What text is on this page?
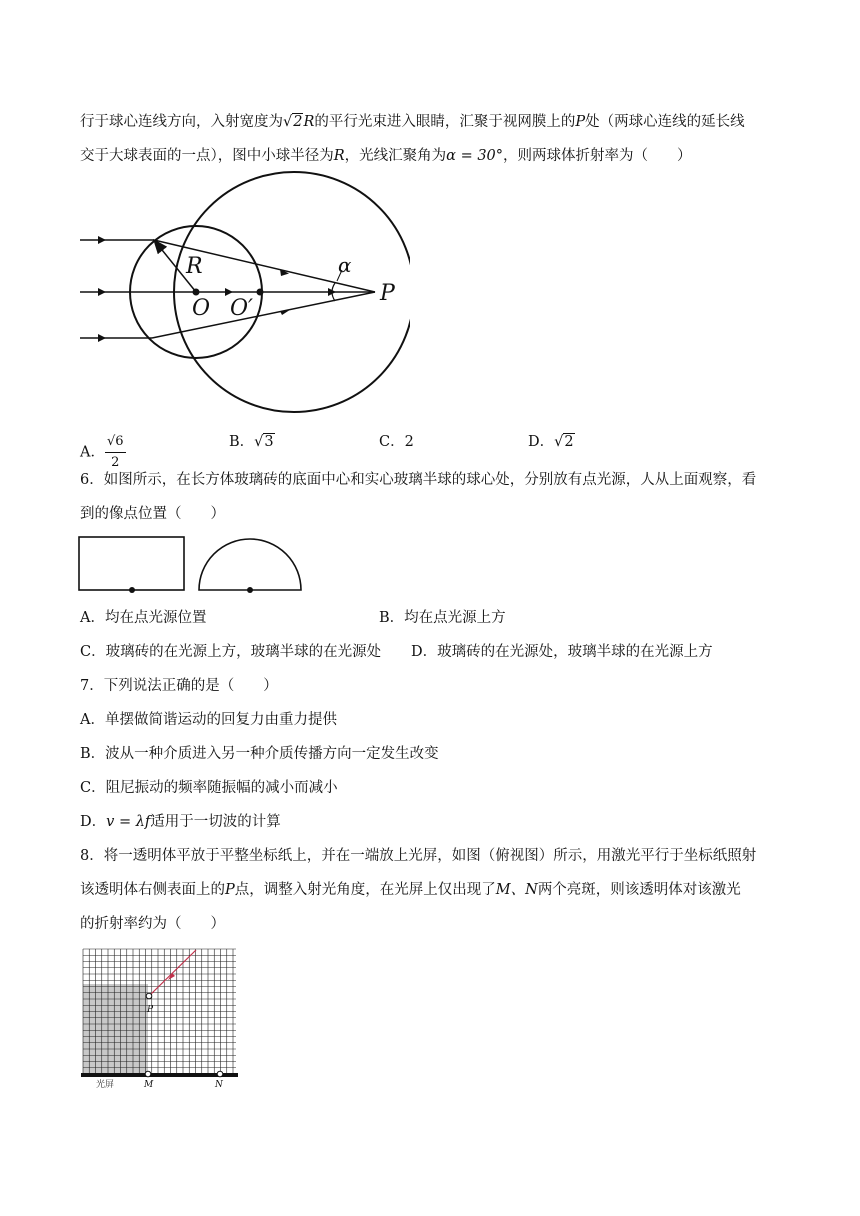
行于球心连线方向，入射宽度为√2R的平行光束进入眼睛，汇聚于视网膜上的P处（两球心连线的延长线
交于大球表面的一点），图中小球半径为R，光线汇聚角为α = 30°，则两球体折射率为（　　）
R
O O′
P
α
A． $\frac{√6}{2}$	B．√3	C．2	D．√2
6．如图所示，在长方体玻璃砖的底面中心和实心玻璃半球的球心处，分别放有点光源，人从上面观察，看
到的像点位置（　　）
A．均在点光源位置	B．均在点光源上方
C．玻璃砖的在光源上方，玻璃半球的在光源处 D．玻璃砖的在光源处，玻璃半球的在光源上方
7．下列说法正确的是（　　）
A．单摆做简谐运动的回复力由重力提供
B．波从一种介质进入另一种介质传播方向一定发生改变
C．阻尼振动的频率随振幅的减小而减小
D．v = λf适用于一切波的计算
8．将一透明体平放于平整坐标纸上，并在一端放上光屏，如图（俯视图）所示，用激光平行于坐标纸照射
该透明体右侧表面上的P点，调整入射光角度，在光屏上仅出现了M、N两个亮斑，则该透明体对该激光
的折射率约为（　　）
P
光屏	M	N
